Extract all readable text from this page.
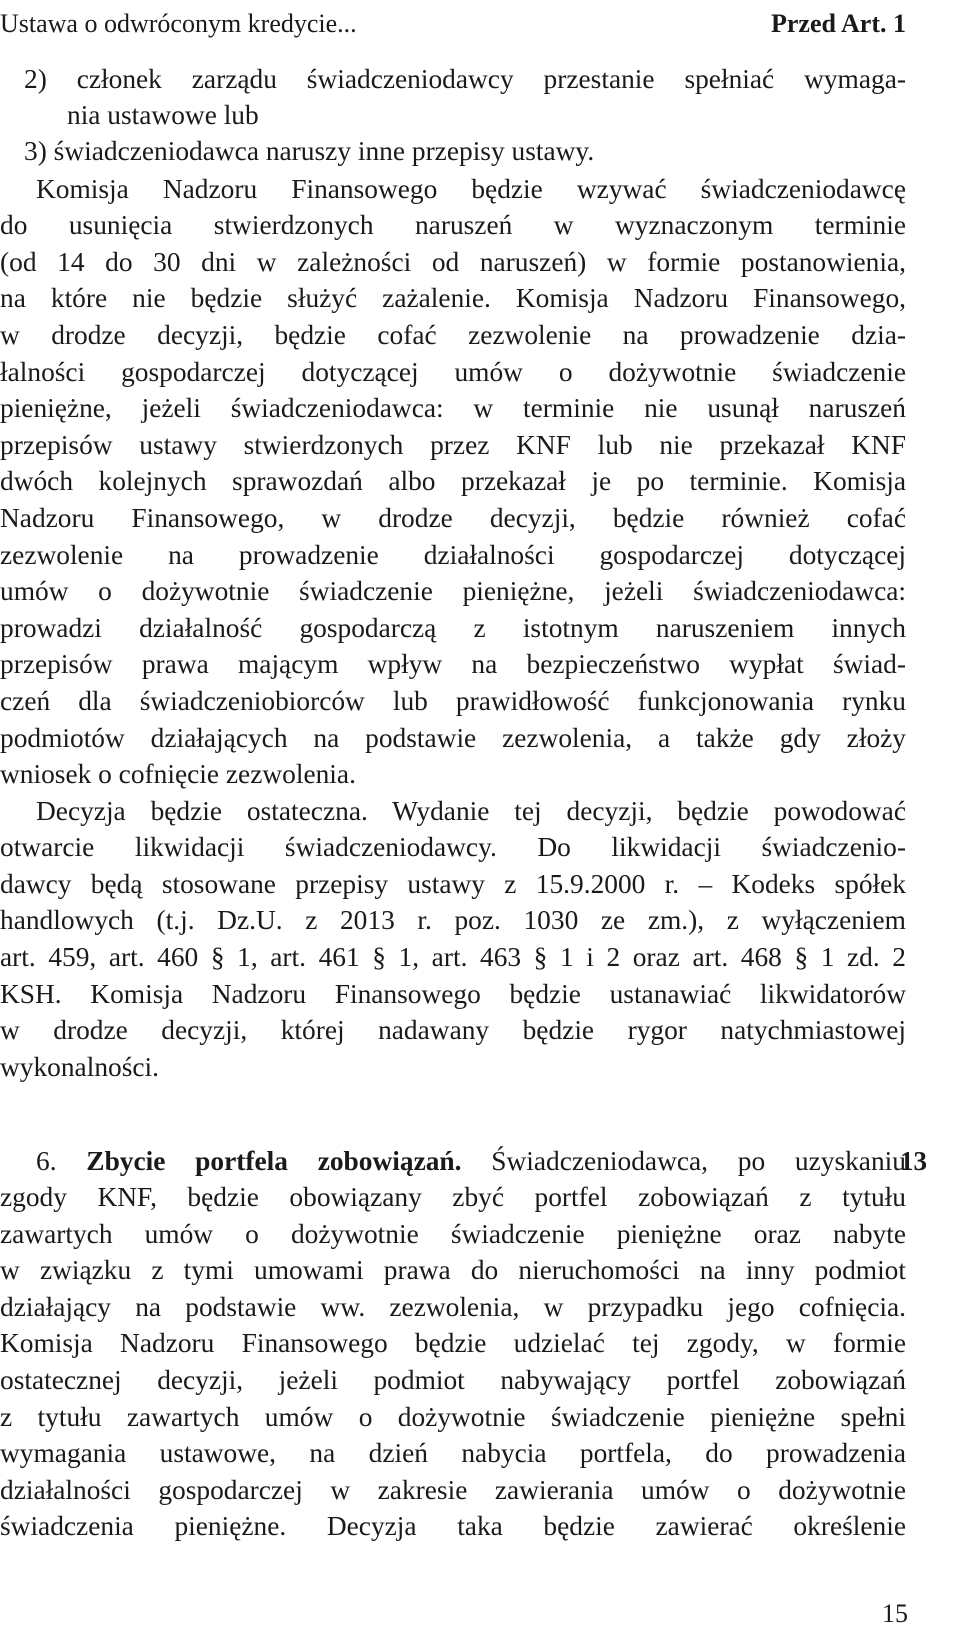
Ustawa o odwróconym kredycie...	Przed Art. 1
2) członek zarządu świadczeniodawcy przestanie spełniać wymaga-
nia ustawowe lub
3) świadczeniodawca naruszy inne przepisy ustawy.
Komisja Nadzoru Finansowego będzie wzywać świadczeniodawcę
do usunięcia stwierdzonych naruszeń w wyznaczonym terminie
(od 14 do 30 dni w zależności od naruszeń) w formie postanowienia,
na które nie będzie służyć zażalenie. Komisja Nadzoru Finansowego,
w drodze decyzji, będzie cofać zezwolenie na prowadzenie dzia-
łalności gospodarczej dotyczącej umów o dożywotnie świadczenie
pieniężne, jeżeli świadczeniodawca: w terminie nie usunął naruszeń
przepisów ustawy stwierdzonych przez KNF lub nie przekazał KNF
dwóch kolejnych sprawozdań albo przekazał je po terminie. Komisja
Nadzoru Finansowego, w drodze decyzji, będzie również cofać
zezwolenie na prowadzenie działalności gospodarczej dotyczącej
umów o dożywotnie świadczenie pieniężne, jeżeli świadczeniodawca:
prowadzi działalność gospodarczą z istotnym naruszeniem innych
przepisów prawa mającym wpływ na bezpieczeństwo wypłat świad-
czeń dla świadczeniobiorców lub prawidłowość funkcjonowania rynku
podmiotów działających na podstawie zezwolenia, a także gdy złoży
wniosek o cofnięcie zezwolenia.
Decyzja będzie ostateczna. Wydanie tej decyzji, będzie powodować
otwarcie likwidacji świadczeniodawcy. Do likwidacji świadczenio-
dawcy będą stosowane przepisy ustawy z 15.9.2000 r. – Kodeks spółek
handlowych (t.j. Dz.U. z 2013 r. poz. 1030 ze zm.), z wyłączeniem
art. 459, art. 460 § 1, art. 461 § 1, art. 463 § 1 i 2 oraz art. 468 § 1 zd. 2
KSH. Komisja Nadzoru Finansowego będzie ustanawiać likwidatorów
w drodze decyzji, której nadawany będzie rygor natychmiastowej
wykonalności.
6. Zbycie portfela zobowiązań. Świadczeniodawca, po uzyskaniu
zgody KNF, będzie obowiązany zbyć portfel zobowiązań z tytułu
zawartych umów o dożywotnie świadczenie pieniężne oraz nabyte
w związku z tymi umowami prawa do nieruchomości na inny podmiot
działający na podstawie ww. zezwolenia, w przypadku jego cofnięcia.
Komisja Nadzoru Finansowego będzie udzielać tej zgody, w formie
ostatecznej decyzji, jeżeli podmiot nabywający portfel zobowiązań
z tytułu zawartych umów o dożywotnie świadczenie pieniężne spełni
wymagania ustawowe, na dzień nabycia portfela, do prowadzenia
działalności gospodarczej w zakresie zawierania umów o dożywotnie
świadczenia pieniężne. Decyzja taka będzie zawierać określenie
13
15
